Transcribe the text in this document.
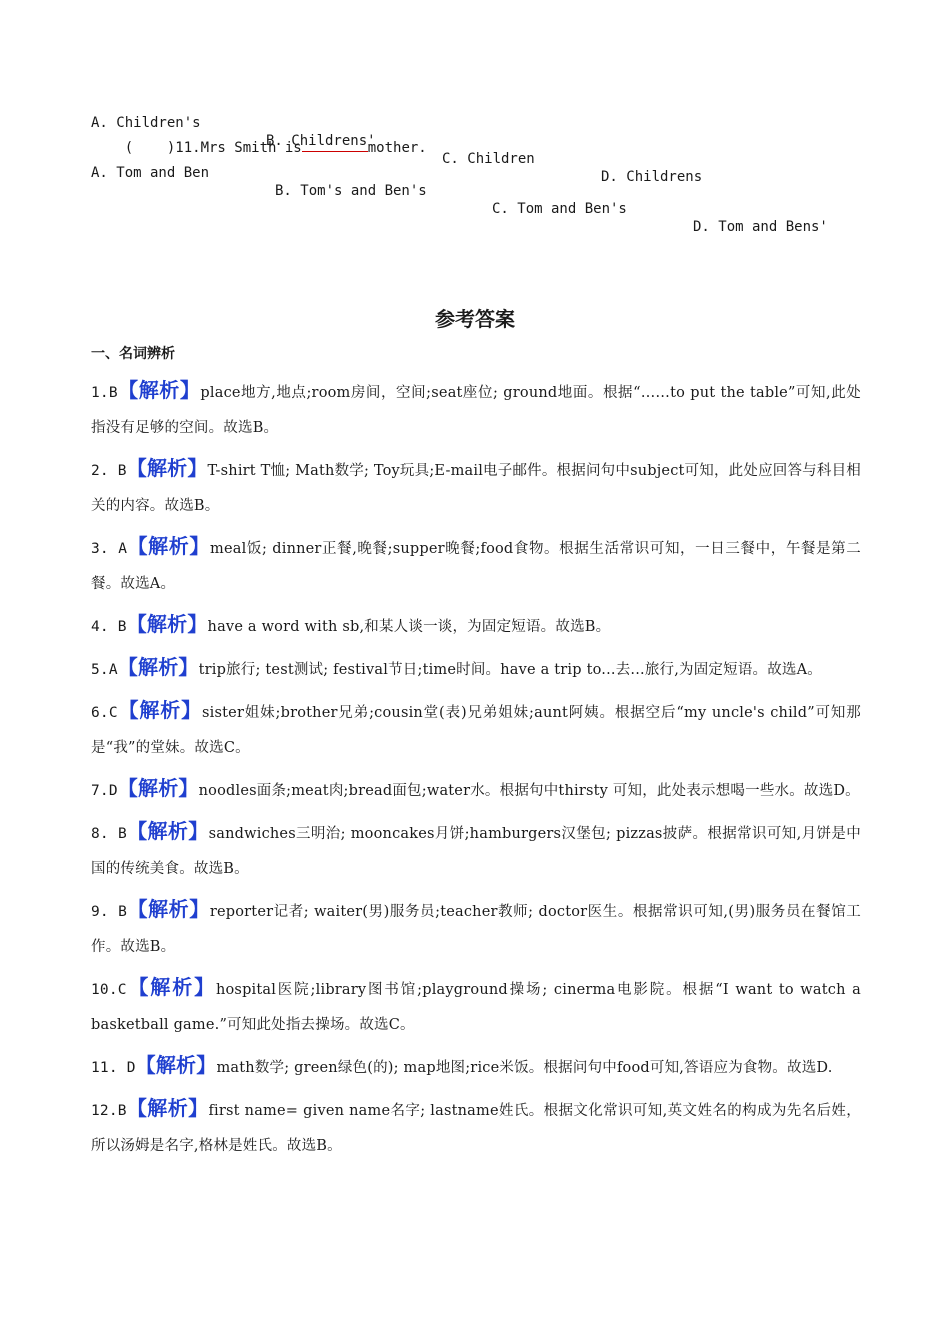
A. Children's

B. Childrens'

C. Children

D. Childrens

(    )11.Mrs Smith is	mother.

A. Tom and Ben

B. Tom's and Ben's

C. Tom and Ben's

D. Tom and Bens'

参考答案
一、名词辨析

1.B【解析】place地方,地点;room房间，空间;seat座位; ground地面。根据“……to put the table”可知,此处指没有足够的空间。故选B。

2. B【解析】T-shirt T恤; Math数学; Toy玩具;E-mail电子邮件。根据问句中subject可知，此处应回答与科目相关的内容。故选B。

3. A【解析】meal饭; dinner正餐,晚餐;supper晚餐;food食物。根据生活常识可知，一日三餐中，午餐是第二餐。故选A。

4. B【解析】have a word with sb,和某人谈一谈，为固定短语。故选B。

5.A【解析】trip旅行; test测试; festival节日;time时间。have a trip to...去...旅行,为固定短语。故选A。

6.C【解析】sister姐妹;brother兄弟;cousin堂(表)兄弟姐妹;aunt阿姨。根据空后“my uncle's child”可知那是“我”的堂妹。故选C。

7.D【解析】noodles面条;meat肉;bread面包;water水。根据句中thirsty 可知，此处表示想喝一些水。故选D。

8. B【解析】sandwiches三明治; mooncakes月饼;hamburgers汉堡包; pizzas披萨。根据常识可知,月饼是中国的传统美食。故选B。

9. B【解析】reporter记者; waiter(男)服务员;teacher教师; doctor医生。根据常识可知,(男)服务员在餐馆工作。故选B。

10.C【解析】hospital医院;library图书馆;playground操场; cinerma电影院。根据“I want to watch a basketball game.”可知此处指去操场。故选C。

11. D【解析】math数学; green绿色(的); map地图;rice米饭。根据问句中food可知,答语应为食物。故选D.

12.B【解析】first name= given name名字; lastname姓氏。根据文化常识可知,英文姓名的构成为先名后姓，所以汤姆是名字,格林是姓氏。故选B。
